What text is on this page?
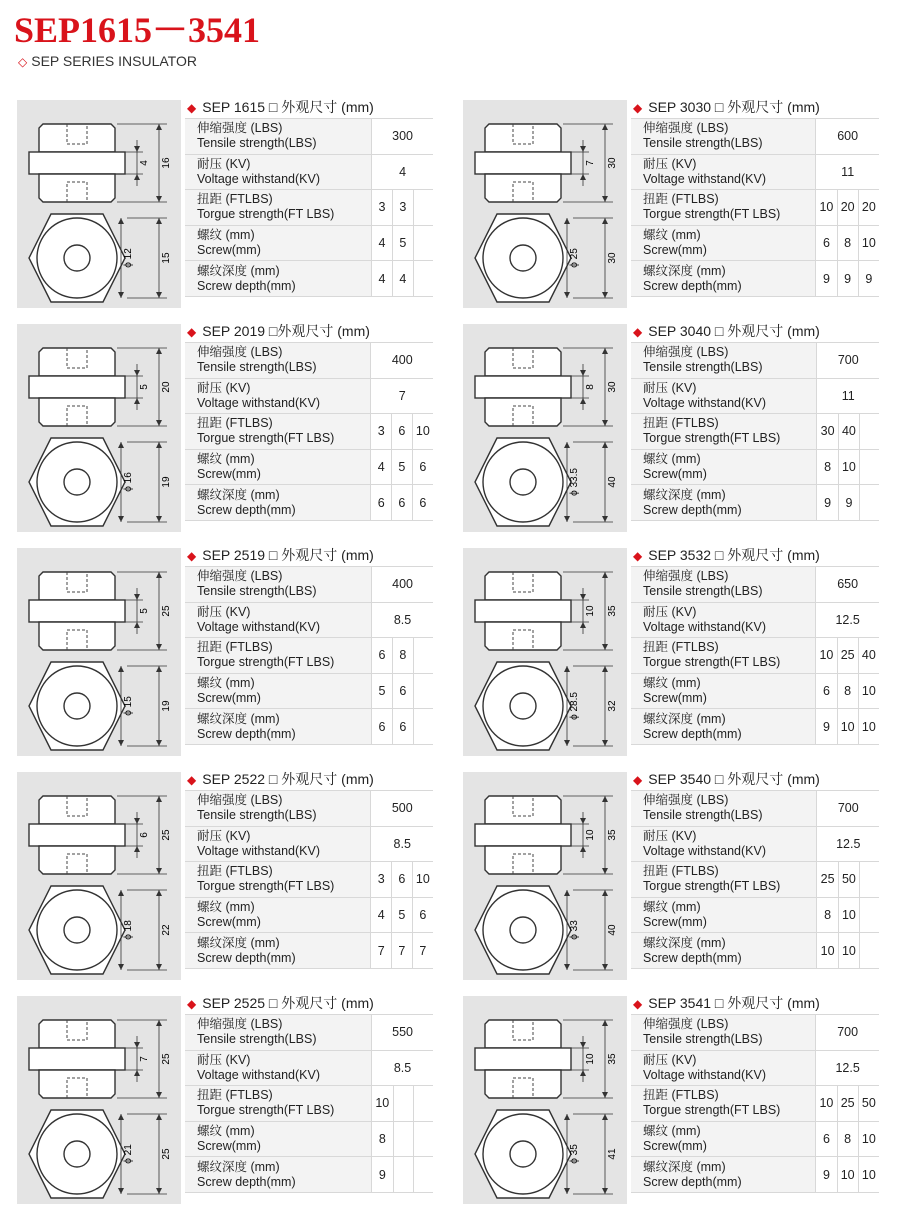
SEP1615－3541
◇ SEP SERIES INSULATOR
16
4
15
ϕ 12
◆ SEP 1615 □ 外观尺寸 (mm)
伸缩强度 (LBS)
Tensile strength(LBS)	300		
耐压 (KV)
Voltage withstand(KV)	4		
扭距 (FTLBS)
Torgue strength(FT LBS)	3	3	
螺纹 (mm)
Screw(mm)	4	5	
螺纹深度 (mm)
Screw depth(mm)	4	4	
30
7
30
ϕ 25
◆ SEP 3030 □ 外观尺寸 (mm)
伸缩强度 (LBS)
Tensile strength(LBS)	600		
耐压 (KV)
Voltage withstand(KV)	11		
扭距 (FTLBS)
Torgue strength(FT LBS)	10	20	20
螺纹 (mm)
Screw(mm)	6	8	10
螺纹深度 (mm)
Screw depth(mm)	9	9	9
20
5
19
ϕ 16
◆ SEP 2019 □外观尺寸 (mm)
伸缩强度 (LBS)
Tensile strength(LBS)	400		
耐压 (KV)
Voltage withstand(KV)	7		
扭距 (FTLBS)
Torgue strength(FT LBS)	3	6	10
螺纹 (mm)
Screw(mm)	4	5	6
螺纹深度 (mm)
Screw depth(mm)	6	6	6
30
8
40
ϕ 33.5
◆ SEP 3040 □ 外观尺寸 (mm)
伸缩强度 (LBS)
Tensile strength(LBS)	700		
耐压 (KV)
Voltage withstand(KV)	11		
扭距 (FTLBS)
Torgue strength(FT LBS)	30	40	
螺纹 (mm)
Screw(mm)	8	10	
螺纹深度 (mm)
Screw depth(mm)	9	9	
25
5
19
ϕ 15
◆ SEP 2519 □ 外观尺寸 (mm)
伸缩强度 (LBS)
Tensile strength(LBS)	400		
耐压 (KV)
Voltage withstand(KV)	8.5		
扭距 (FTLBS)
Torgue strength(FT LBS)	6	8	
螺纹 (mm)
Screw(mm)	5	6	
螺纹深度 (mm)
Screw depth(mm)	6	6	
35
10
32
ϕ 28.5
◆ SEP 3532 □ 外观尺寸 (mm)
伸缩强度 (LBS)
Tensile strength(LBS)	650		
耐压 (KV)
Voltage withstand(KV)	12.5		
扭距 (FTLBS)
Torgue strength(FT LBS)	10	25	40
螺纹 (mm)
Screw(mm)	6	8	10
螺纹深度 (mm)
Screw depth(mm)	9	10	10
25
6
22
ϕ 18
◆ SEP 2522 □ 外观尺寸 (mm)
伸缩强度 (LBS)
Tensile strength(LBS)	500		
耐压 (KV)
Voltage withstand(KV)	8.5		
扭距 (FTLBS)
Torgue strength(FT LBS)	3	6	10
螺纹 (mm)
Screw(mm)	4	5	6
螺纹深度 (mm)
Screw depth(mm)	7	7	7
35
10
40
ϕ 33
◆ SEP 3540 □ 外观尺寸 (mm)
伸缩强度 (LBS)
Tensile strength(LBS)	700		
耐压 (KV)
Voltage withstand(KV)	12.5		
扭距 (FTLBS)
Torgue strength(FT LBS)	25	50	
螺纹 (mm)
Screw(mm)	8	10	
螺纹深度 (mm)
Screw depth(mm)	10	10	
25
7
25
ϕ 21
◆ SEP 2525 □ 外观尺寸 (mm)
伸缩强度 (LBS)
Tensile strength(LBS)	550		
耐压 (KV)
Voltage withstand(KV)	8.5		
扭距 (FTLBS)
Torgue strength(FT LBS)	10		
螺纹 (mm)
Screw(mm)	8		
螺纹深度 (mm)
Screw depth(mm)	9		
35
10
41
ϕ 35
◆ SEP 3541 □ 外观尺寸 (mm)
伸缩强度 (LBS)
Tensile strength(LBS)	700		
耐压 (KV)
Voltage withstand(KV)	12.5		
扭距 (FTLBS)
Torgue strength(FT LBS)	10	25	50
螺纹 (mm)
Screw(mm)	6	8	10
螺纹深度 (mm)
Screw depth(mm)	9	10	10
